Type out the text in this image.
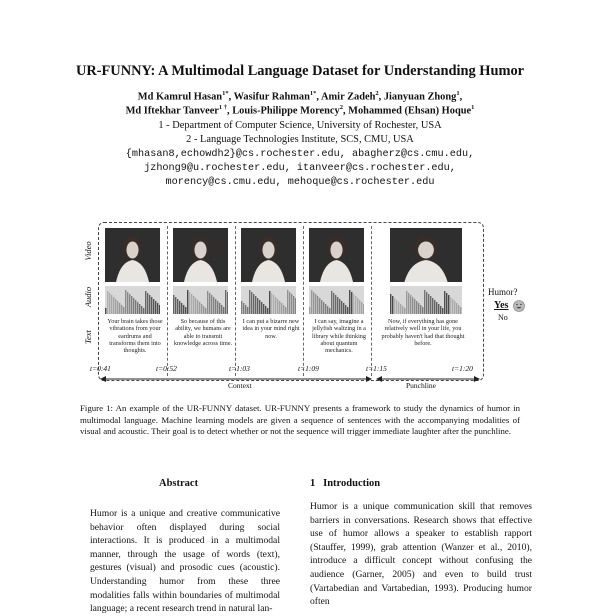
UR-FUNNY: A Multimodal Language Dataset for Understanding Humor
Md Kamrul Hasan$^{1*}$, Wasifur Rahman$^{1*}$, Amir Zadeh$^2$, Jianyuan Zhong$^1$,
Md Iftekhar Tanveer$^{1 \dagger}$, Louis-Philippe Morency$^2$, Mohammed (Ehsan) Hoque$^1$
1 - Department of Computer Science, University of Rochester, USA
2 - Language Technologies Institute, SCS, CMU, USA
{mhasan8,echowdh2}@cs.rochester.edu, abagherz@cs.cmu.edu,
jzhong9@u.rochester.edu, itanveer@cs.rochester.edu,
morency@cs.cmu.edu, mehoque@cs.rochester.edu
Video
Audio
Text
Your brain takes those vibrations from your eardrums and transforms them into thoughts.
So because of this ability, we humans are able to transmit knowledge across time.
I can put a bizarre new idea in your mind right now.
I can say, imagine a jellyfish waltzing in a library while thinking about quantum mechanics.
Now, if everything has gone relatively well in your life, you probably haven't had that thought before.
t=0:41	t=0:52	t=1:03	t=1:09	t=1:15	t=1:20
Context	Punchline
Humor?
Yes
No
Figure 1: An example of the UR-FUNNY dataset. UR-FUNNY presents a framework to study the dynamics of humor in multimodal language. Machine learning models are given a sequence of sentences with the accompanying modalities of visual and acoustic. Their goal is to detect whether or not the sequence will trigger immediate laughter after the punchline.
Abstract
Humor is a unique and creative communicative behavior often displayed during social interactions. It is produced in a multimodal manner, through the usage of words (text), gestures (visual) and prosodic cues (acoustic). Understanding humor from these three modalities falls within boundaries of multimodal language; a recent research trend in natural lan-
1 Introduction
Humor is a unique communication skill that removes barriers in conversations. Research shows that effective use of humor allows a speaker to establish rapport (Stauffer, 1999), grab attention (Wanzer et al., 2010), introduce a difficult concept without confusing the audience (Garner, 2005) and even to build trust (Vartabedian and Vartabedian, 1993). Producing humor often
